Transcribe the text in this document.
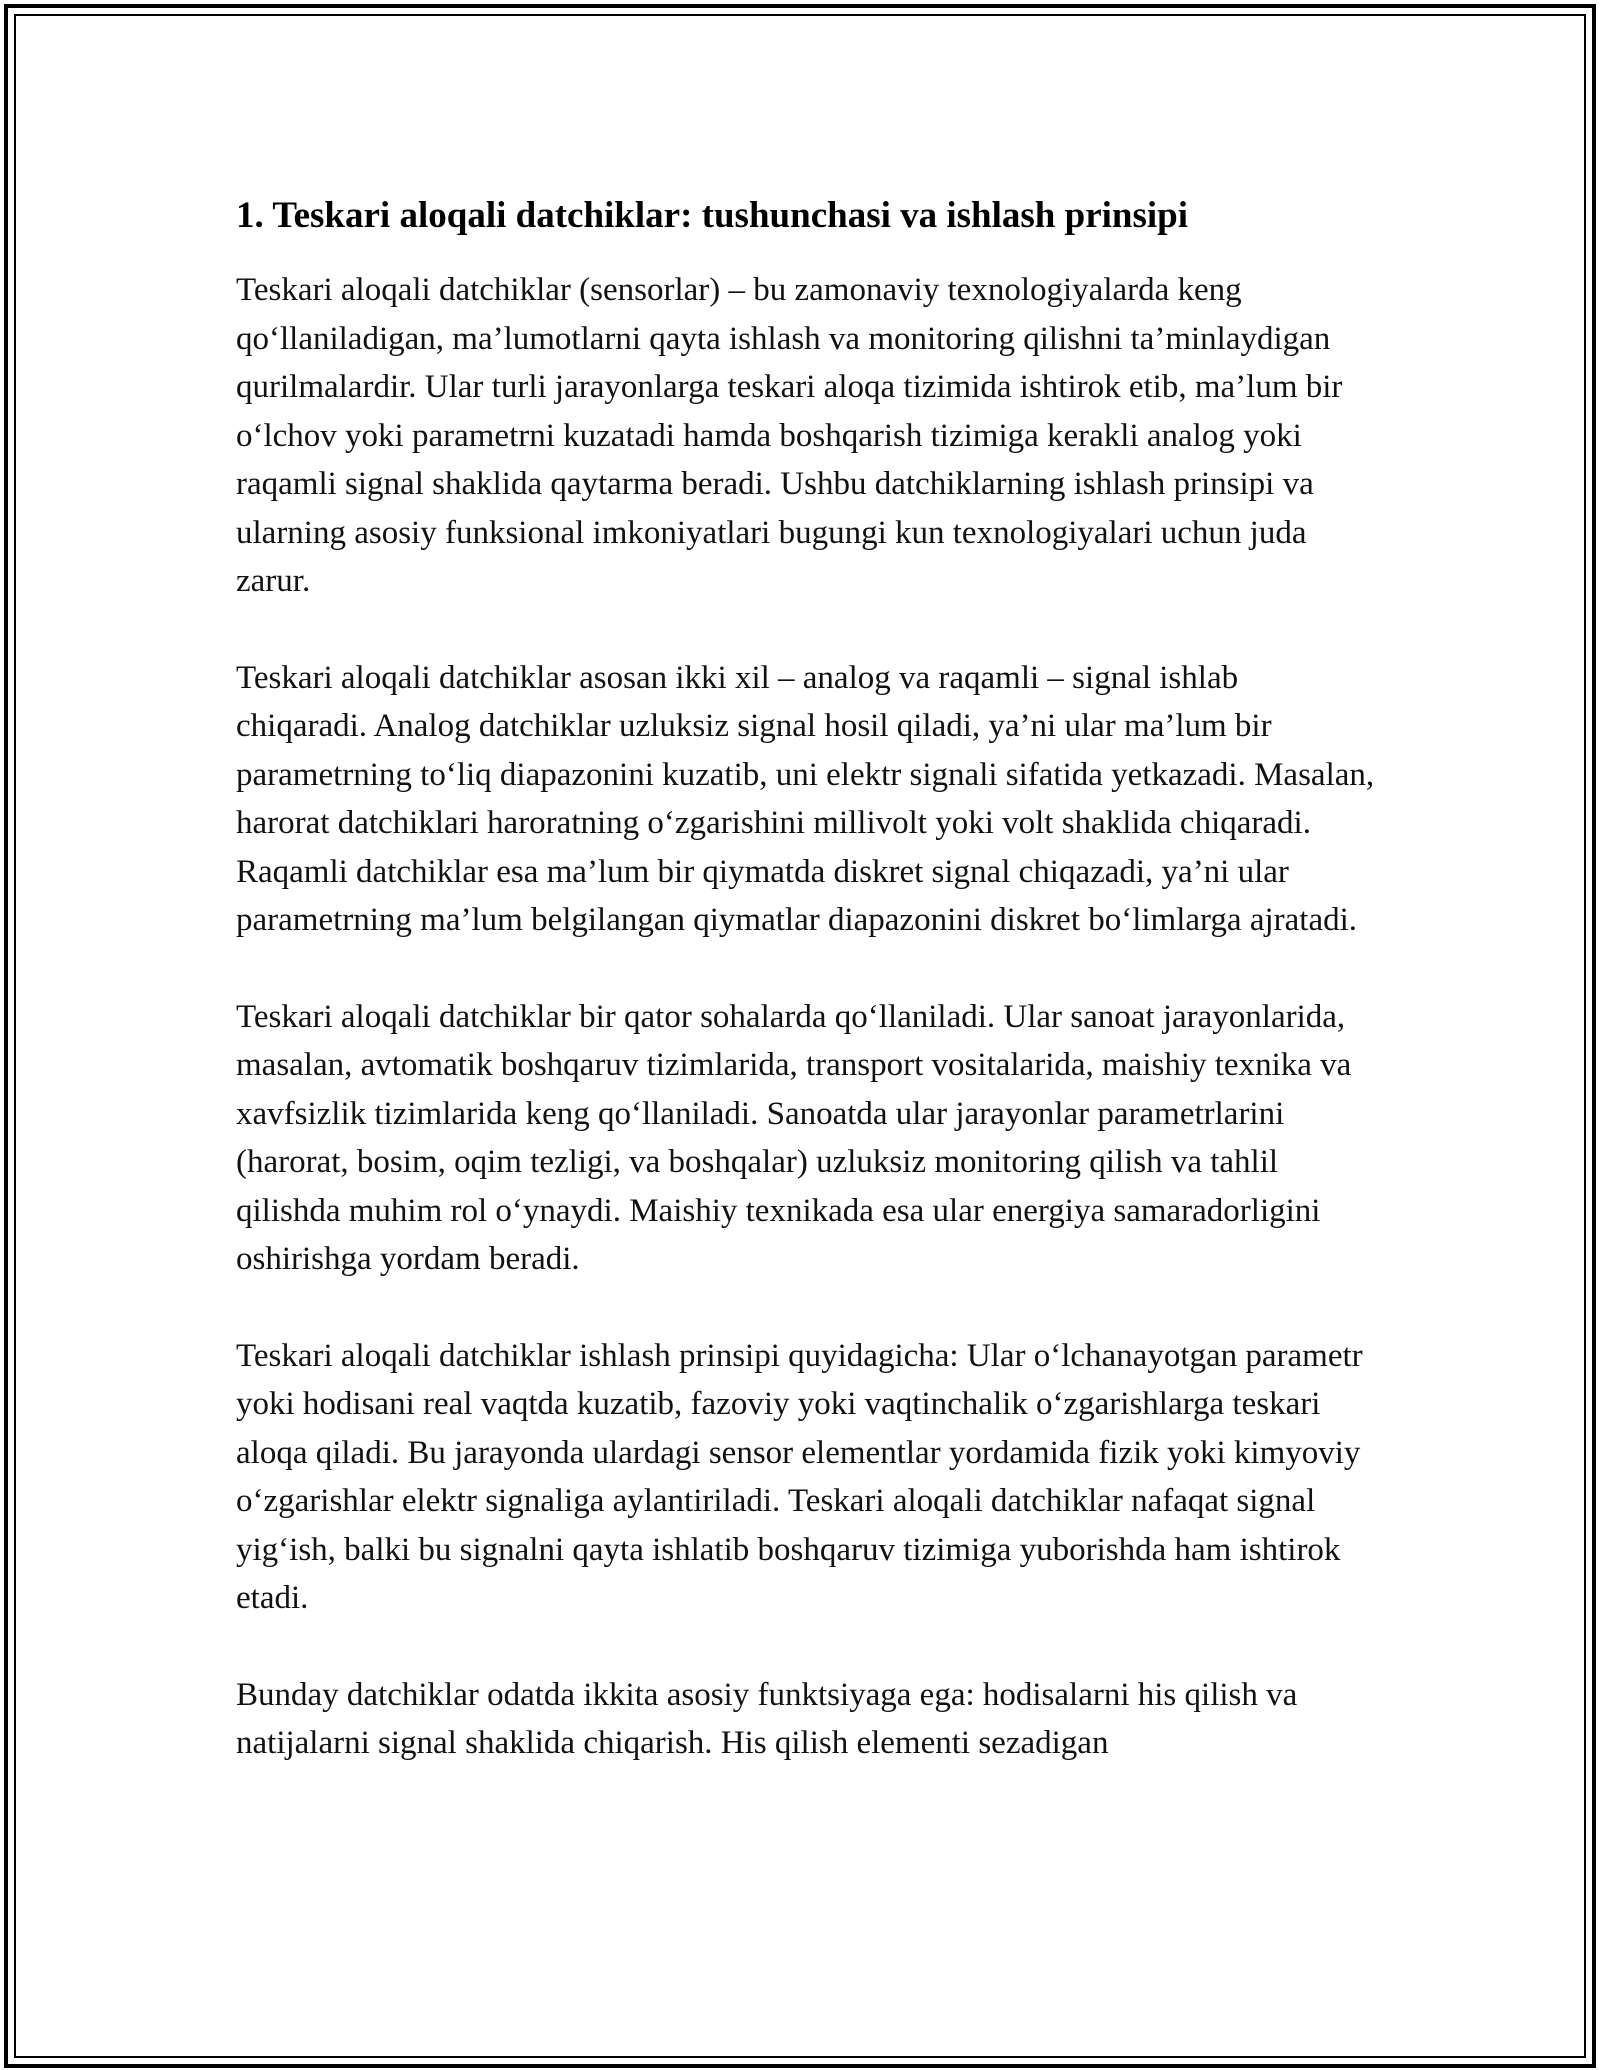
1. Teskari aloqali datchiklar: tushunchasi va ishlash prinsipi

Teskari aloqali datchiklar (sensorlar) – bu zamonaviy texnologiyalarda keng qo‘llaniladigan, ma’lumotlarni qayta ishlash va monitoring qilishni ta’minlaydigan qurilmalardir. Ular turli jarayonlarga teskari aloqa tizimida ishtirok etib, ma’lum bir o‘lchov yoki parametrni kuzatadi hamda boshqarish tizimiga kerakli analog yoki raqamli signal shaklida qaytarma beradi. Ushbu datchiklarning ishlash prinsipi va ularning asosiy funksional imkoniyatlari bugungi kun texnologiyalari uchun juda zarur.

Teskari aloqali datchiklar asosan ikki xil – analog va raqamli – signal ishlab chiqaradi. Analog datchiklar uzluksiz signal hosil qiladi, ya’ni ular ma’lum bir parametrning to‘liq diapazonini kuzatib, uni elektr signali sifatida yetkazadi. Masalan, harorat datchiklari haroratning o‘zgarishini millivolt yoki volt shaklida chiqaradi. Raqamli datchiklar esa ma’lum bir qiymatda diskret signal chiqazadi, ya’ni ular parametrning ma’lum belgilangan qiymatlar diapazonini diskret bo‘limlarga ajratadi.

Teskari aloqali datchiklar bir qator sohalarda qo‘llaniladi. Ular sanoat jarayonlarida, masalan, avtomatik boshqaruv tizimlarida, transport vositalarida, maishiy texnika va xavfsizlik tizimlarida keng qo‘llaniladi. Sanoatda ular jarayonlar parametrlarini (harorat, bosim, oqim tezligi, va boshqalar) uzluksiz monitoring qilish va tahlil qilishda muhim rol o‘ynaydi. Maishiy texnikada esa ular energiya samaradorligini oshirishga yordam beradi.

Teskari aloqali datchiklar ishlash prinsipi quyidagicha: Ular o‘lchanayotgan parametr yoki hodisani real vaqtda kuzatib, fazoviy yoki vaqtinchalik o‘zgarishlarga teskari aloqa qiladi. Bu jarayonda ulardagi sensor elementlar yordamida fizik yoki kimyoviy o‘zgarishlar elektr signaliga aylantiriladi. Teskari aloqali datchiklar nafaqat signal yig‘ish, balki bu signalni qayta ishlatib boshqaruv tizimiga yuborishda ham ishtirok etadi.

Bunday datchiklar odatda ikkita asosiy funktsiyaga ega: hodisalarni his qilish va natijalarni signal shaklida chiqarish. His qilish elementi sezadigan
